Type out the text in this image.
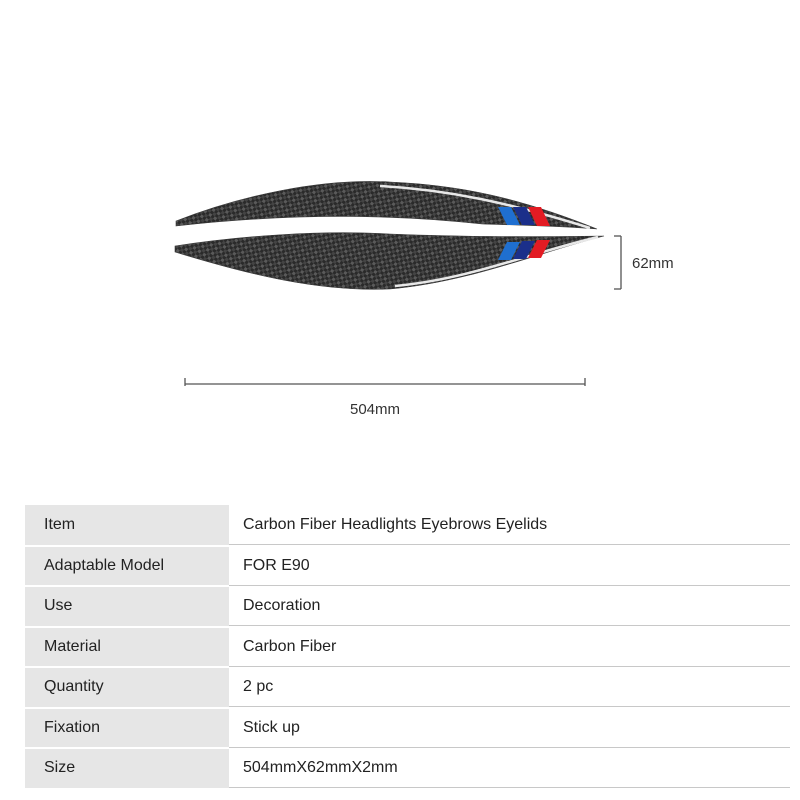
62mm
504mm
Item	Carbon Fiber Headlights Eyebrows Eyelids
Adaptable Model	FOR E90
Use	Decoration
Material	Carbon Fiber
Quantity	2 pc
Fixation	Stick up
Size	504mmX62mmX2mm
